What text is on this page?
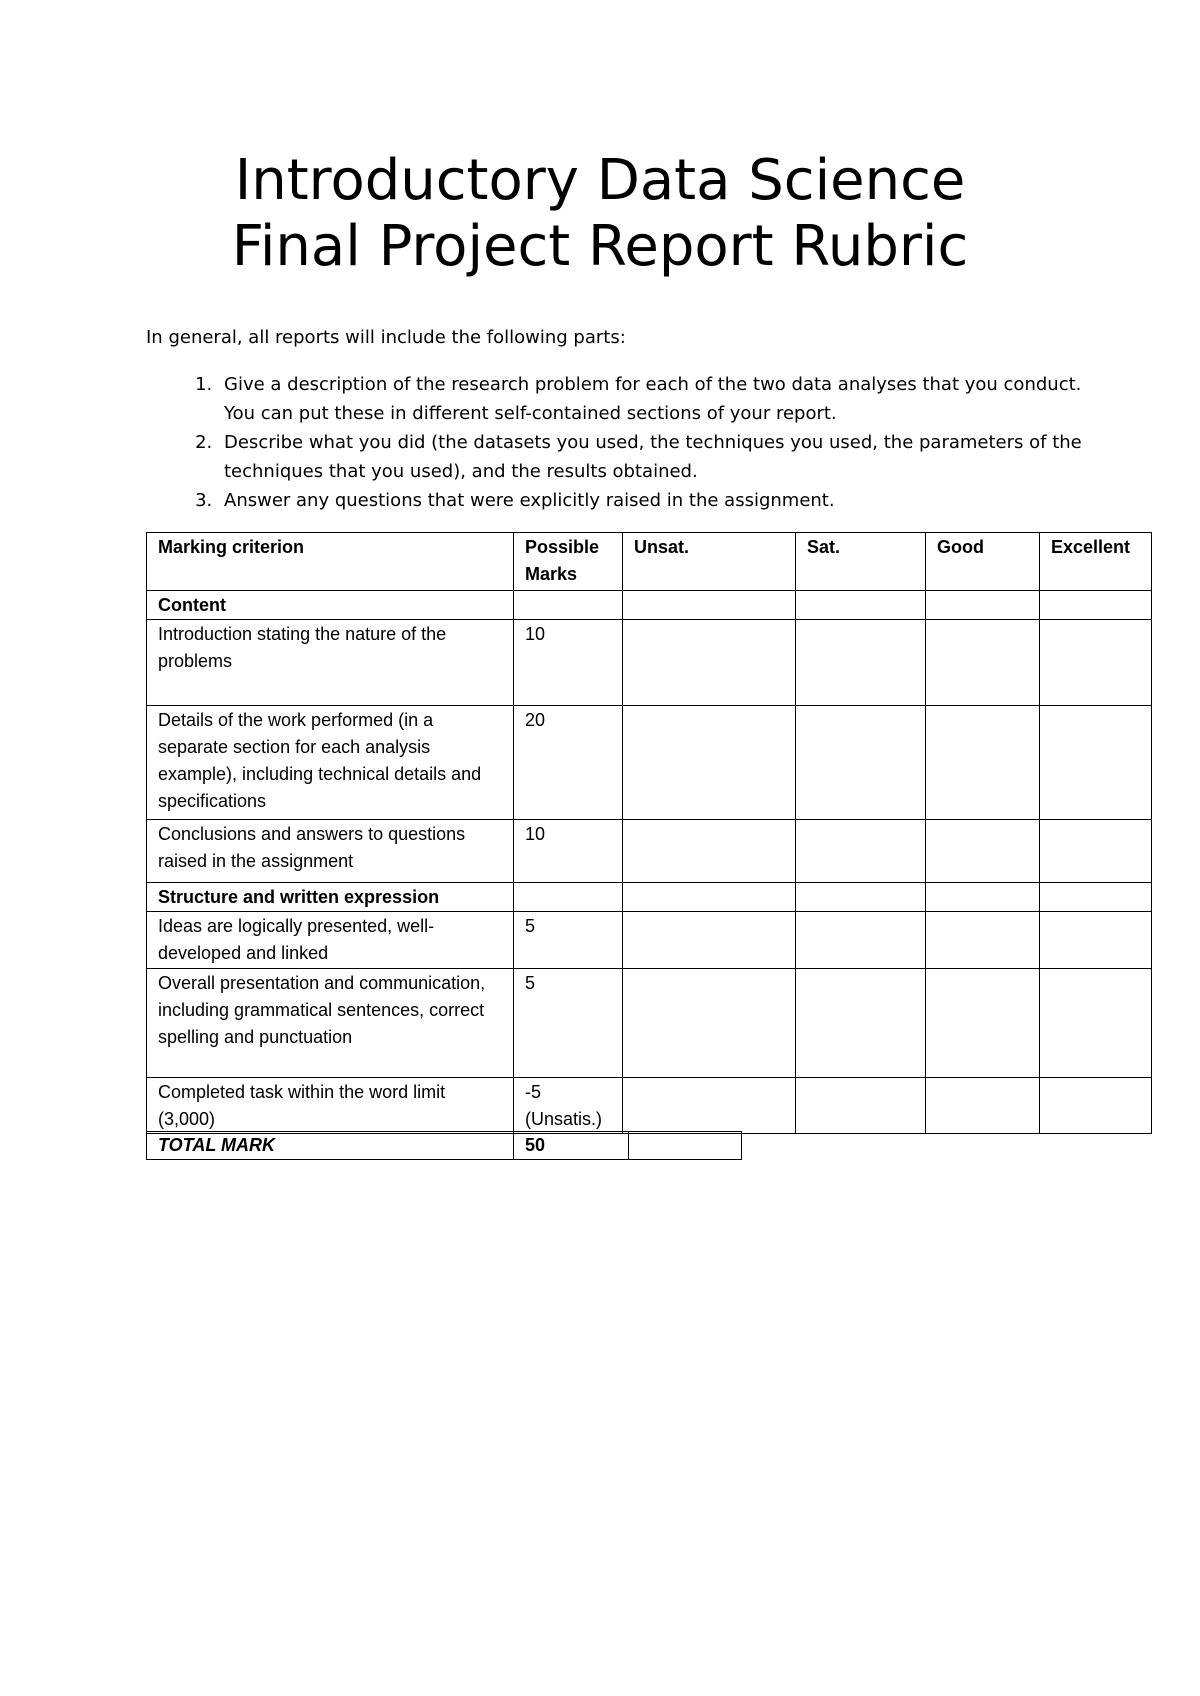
Introductory Data Science
Final Project Report Rubric

In general, all reports will include the following parts:

1. Give a description of the research problem for each of the two data analyses that you conduct. You can put these in different self-contained sections of your report.
2. Describe what you did (the datasets you used, the techniques you used, the parameters of the techniques that you used), and the results obtained.
3. Answer any questions that were explicitly raised in the assignment.
Marking criterion	Possible Marks	Unsat.	Sat.	Good	Excellent
Content					
Introduction stating the nature of the problems	10				
Details of the work performed (in a separate section for each analysis example), including technical details and specifications	20				
Conclusions and answers to questions raised in the assignment	10				
Structure and written expression					
Ideas are logically presented, well-developed and linked	5				
Overall presentation and communication, including grammatical sentences, correct spelling and punctuation	5				
Completed task within the word limit (3,000)	-5 (Unsatis.)				
TOTAL MARK	50	
